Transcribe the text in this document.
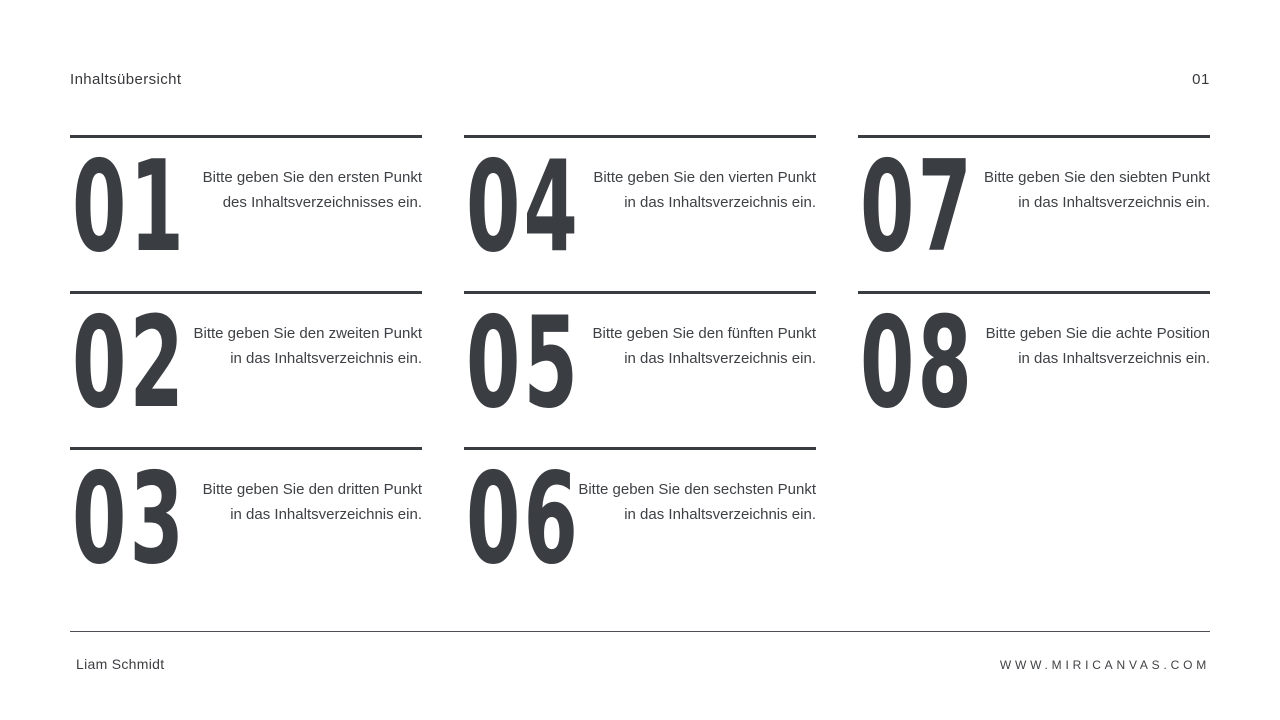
Inhaltsübersicht	01
01 Bitte geben Sie den ersten Punkt
des Inhaltsverzeichnisses ein.
02 Bitte geben Sie den zweiten Punkt
in das Inhaltsverzeichnis ein.
03 Bitte geben Sie den dritten Punkt
in das Inhaltsverzeichnis ein.
04 Bitte geben Sie den vierten Punkt
in das Inhaltsverzeichnis ein.
05 Bitte geben Sie den fünften Punkt
in das Inhaltsverzeichnis ein.
06
Bitte geben Sie den sechsten Punkt
in das Inhaltsverzeichnis ein.
07 Bitte geben Sie den siebten Punkt
in das Inhaltsverzeichnis ein.
08 Bitte geben Sie die achte Position
in das Inhaltsverzeichnis ein.
Liam Schmidt	WWW.MIRICANVAS.COM
